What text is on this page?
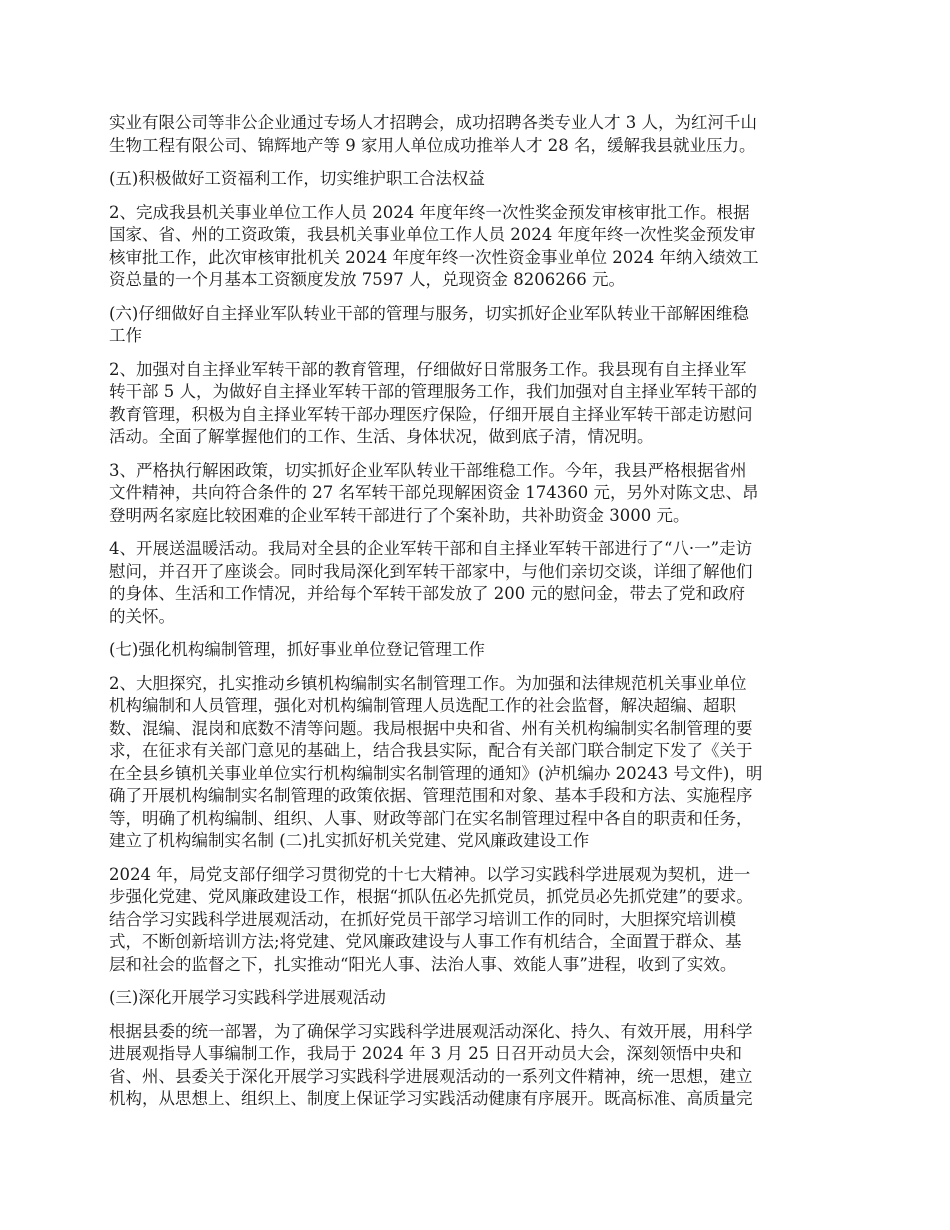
实业有限公司等非公企业通过专场人才招聘会，成功招聘各类专业人才 3 人，为红河千山
生物工程有限公司、锦辉地产等 9 家用人单位成功推举人才 28 名，缓解我县就业压力。

(五)积极做好工资福利工作，切实维护职工合法权益

2、完成我县机关事业单位工作人员 2024 年度年终一次性奖金预发审核审批工作。根据
国家、省、州的工资政策，我县机关事业单位工作人员 2024 年度年终一次性奖金预发审
核审批工作，此次审核审批机关 2024 年度年终一次性资金事业单位 2024 年纳入绩效工
资总量的一个月基本工资额度发放 7597 人，兑现资金 8206266 元。

(六)仔细做好自主择业军队转业干部的管理与服务，切实抓好企业军队转业干部解困维稳
工作

2、加强对自主择业军转干部的教育管理，仔细做好日常服务工作。我县现有自主择业军
转干部 5 人，为做好自主择业军转干部的管理服务工作，我们加强对自主择业军转干部的
教育管理，积极为自主择业军转干部办理医疗保险，仔细开展自主择业军转干部走访慰问
活动。全面了解掌握他们的工作、生活、身体状况，做到底子清，情况明。

3、严格执行解困政策，切实抓好企业军队转业干部维稳工作。今年，我县严格根据省州
文件精神，共向符合条件的 27 名军转干部兑现解困资金 174360 元，另外对陈文忠、昂
登明两名家庭比较困难的企业军转干部进行了个案补助，共补助资金 3000 元。

4、开展送温暖活动。我局对全县的企业军转干部和自主择业军转干部进行了“八·一”走访
慰问，并召开了座谈会。同时我局深化到军转干部家中，与他们亲切交谈，详细了解他们
的身体、生活和工作情况，并给每个军转干部发放了 200 元的慰问金，带去了党和政府
的关怀。

(七)强化机构编制管理，抓好事业单位登记管理工作

2、大胆探究，扎实推动乡镇机构编制实名制管理工作。为加强和法律规范机关事业单位
机构编制和人员管理，强化对机构编制管理人员选配工作的社会监督，解决超编、超职
数、混编、混岗和底数不清等问题。我局根据中央和省、州有关机构编制实名制管理的要
求，在征求有关部门意见的基础上，结合我县实际，配合有关部门联合制定下发了《关于
在全县乡镇机关事业单位实行机构编制实名制管理的通知》(泸机编办 20243 号文件)，明
确了开展机构编制实名制管理的政策依据、管理范围和对象、基本手段和方法、实施程序
等，明确了机构编制、组织、人事、财政等部门在实名制管理过程中各自的职责和任务，
建立了机构编制实名制 (二)扎实抓好机关党建、党风廉政建设工作

2024 年，局党支部仔细学习贯彻党的十七大精神。以学习实践科学进展观为契机，进一
步强化党建、党风廉政建设工作，根据“抓队伍必先抓党员，抓党员必先抓党建”的要求。
结合学习实践科学进展观活动，在抓好党员干部学习培训工作的同时，大胆探究培训模
式，不断创新培训方法;将党建、党风廉政建设与人事工作有机结合，全面置于群众、基
层和社会的监督之下，扎实推动“阳光人事、法治人事、效能人事”进程，收到了实效。

(三)深化开展学习实践科学进展观活动

根据县委的统一部署，为了确保学习实践科学进展观活动深化、持久、有效开展，用科学
进展观指导人事编制工作，我局于 2024 年 3 月 25 日召开动员大会，深刻领悟中央和
省、州、县委关于深化开展学习实践科学进展观活动的一系列文件精神，统一思想，建立
机构，从思想上、组织上、制度上保证学习实践活动健康有序展开。既高标准、高质量完
